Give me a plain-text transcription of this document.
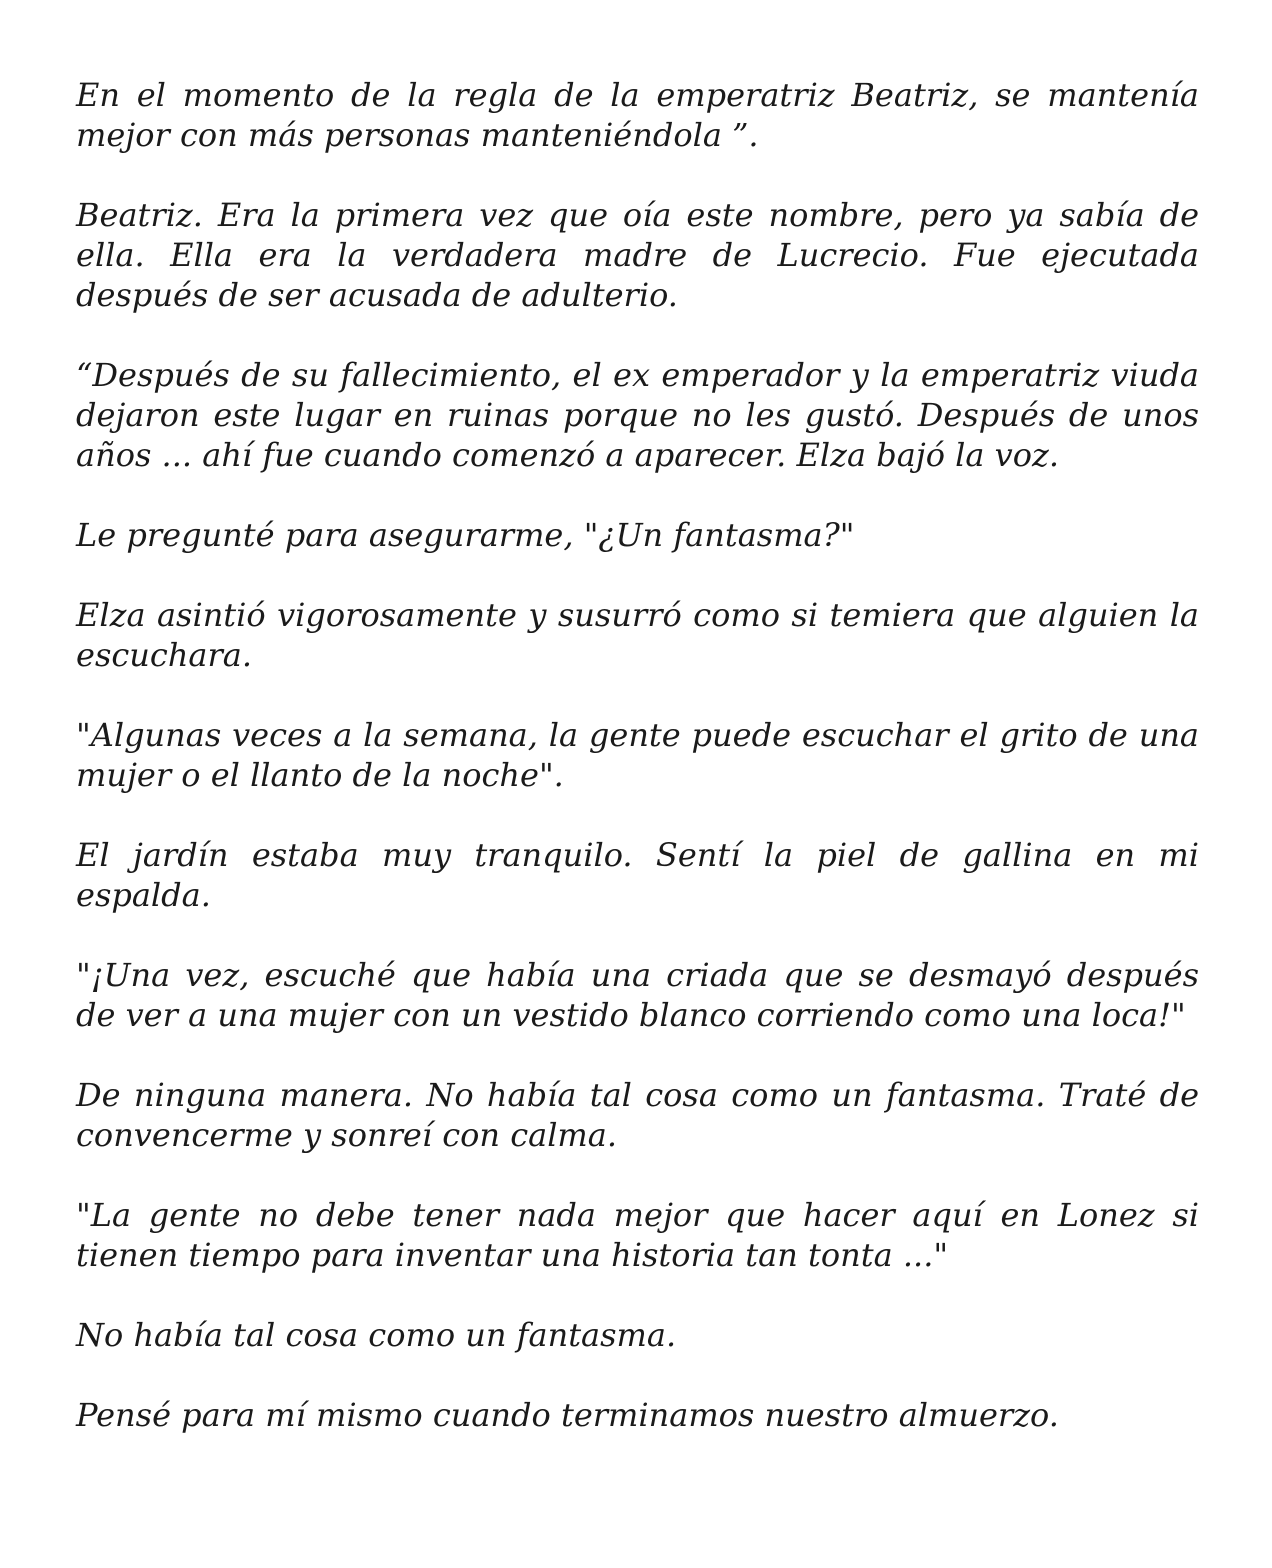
En el momento de la regla de la emperatriz Beatriz, se mantenía mejor con más personas manteniéndola ”.

Beatriz. Era la primera vez que oía este nombre, pero ya sabía de ella. Ella era la verdadera madre de Lucrecio. Fue ejecutada después de ser acusada de adulterio.

“Después de su fallecimiento, el ex emperador y la emperatriz viuda dejaron este lugar en ruinas porque no les gustó. Después de unos años ... ahí fue cuando comenzó a aparecer. Elza bajó la voz.

Le pregunté para asegurarme, "¿Un fantasma?"

Elza asintió vigorosamente y susurró como si temiera que alguien la escuchara.

"Algunas veces a la semana, la gente puede escuchar el grito de una mujer o el llanto de la noche".

El jardín estaba muy tranquilo. Sentí la piel de gallina en mi espalda.

"¡Una vez, escuché que había una criada que se desmayó después de ver a una mujer con un vestido blanco corriendo como una loca!"

De ninguna manera. No había tal cosa como un fantasma. Traté de convencerme y sonreí con calma.

"La gente no debe tener nada mejor que hacer aquí en Lonez si tienen tiempo para inventar una historia tan tonta ..."

No había tal cosa como un fantasma.

Pensé para mí mismo cuando terminamos nuestro almuerzo.
